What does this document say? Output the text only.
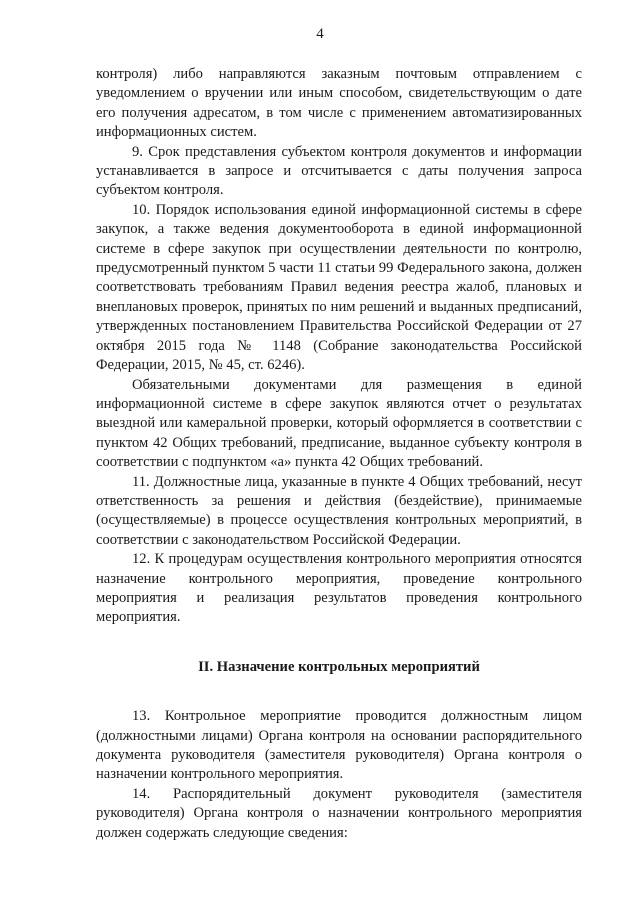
4

контроля) либо направляются заказным почтовым отправлением с уведомлением о вручении или иным способом, свидетельствующим о дате его получения адресатом, в том числе с применением автоматизированных информационных систем.

9. Срок представления субъектом контроля документов и информации устанавливается в запросе и отсчитывается с даты получения запроса субъектом контроля.

10. Порядок использования единой информационной системы в сфере закупок, а также ведения документооборота в единой информационной системе в сфере закупок при осуществлении деятельности по контролю, предусмотренный пунктом 5 части 11 статьи 99 Федерального закона, должен соответствовать требованиям Правил ведения реестра жалоб, плановых и внеплановых проверок, принятых по ним решений и выданных предписаний, утвержденных постановлением Правительства Российской Федерации от 27 октября 2015 года № 1148 (Собрание законодательства Российской Федерации, 2015, № 45, ст. 6246).

Обязательными документами для размещения в единой информационной системе в сфере закупок являются отчет о результатах выездной или камеральной проверки, который оформляется в соответствии с пунктом 42 Общих требований, предписание, выданное субъекту контроля в соответствии с подпунктом «а» пункта 42 Общих требований.

11. Должностные лица, указанные в пункте 4 Общих требований, несут ответственность за решения и действия (бездействие), принимаемые (осуществляемые) в процессе осуществления контрольных мероприятий, в соответствии с законодательством Российской Федерации.

12. К процедурам осуществления контрольного мероприятия относятся назначение контрольного мероприятия, проведение контрольного мероприятия и реализация результатов проведения контрольного мероприятия.

II. Назначение контрольных мероприятий

13. Контрольное мероприятие проводится должностным лицом (должностными лицами) Органа контроля на основании распорядительного документа руководителя (заместителя руководителя) Органа контроля о назначении контрольного мероприятия.

14. Распорядительный документ руководителя (заместителя руководителя) Органа контроля о назначении контрольного мероприятия должен содержать следующие сведения:
